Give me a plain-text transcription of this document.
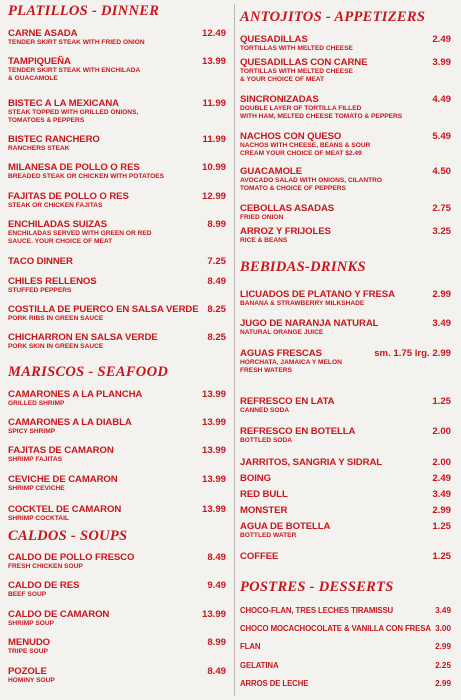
PLATILLOS - DINNER
CARNE ASADA	12.49
TENDER SKIRT STEAK WITH FRIED ONION
TAMPIQUEÑA	13.99
TENDER SKIRT STEAK WITH ENCHILADA
& GUACAMOLE
BISTEC A LA MEXICANA	11.99
STEAK TOPPED WITH GRILLED ONIONS,
TOMATOES & PEPPERS
BISTEC RANCHERO	11.99
RANCHERS STEAK
MILANESA DE POLLO O RES	10.99
BREADED STEAK OR CHICKEN WITH POTATOES
FAJITAS DE POLLO O RES	12.99
STEAK OR CHICKEN FAJITAS
ENCHILADAS SUIZAS	8.99
ENCHILADAS SERVED WITH GREEN OR RED
SAUCE. YOUR CHOICE OF MEAT
TACO DINNER	7.25
CHILES RELLENOS	8.49
STUFFED PEPPERS
COSTILLA DE PUERCO EN SALSA VERDE 8.25
PORK RIBS IN GREEN SAUCE
CHICHARRON EN SALSA VERDE	8.25
PORK SKIN IN GREEN SAUCE
MARISCOS - SEAFOOD
CAMARONES A LA PLANCHA	13.99
GRILLED SHRIMP
CAMARONES A LA DIABLA	13.99
SPICY SHRIMP
FAJITAS DE CAMARON	13.99
SHRIMP FAJITAS
CEVICHE DE CAMARON	13.99
SHRIMP CEVICHE
COCKTEL DE CAMARON	13.99
SHRIMP COCKTAIL
CALDOS - SOUPS
CALDO DE POLLO FRESCO	8.49
FRESH CHICKEN SOUP
CALDO DE RES	9.49
BEEF SOUP
CALDO DE CAMARON	13.99
SHRIMP SOUP
MENUDO	8.99
TRIPE SOUP
POZOLE	8.49
HOMINY SOUP
ANTOJITOS - APPETIZERS
QUESADILLAS	2.49
TORTILLAS WITH MELTED CHEESE
QUESADILLAS CON CARNE	3.99
TORTILLAS WITH MELTED CHEESE
& YOUR CHOICE OF MEAT
SINCRONIZADAS	4.49
DOUBLE LAYER OF TORTILLA FILLED
WITH HAM, MELTED CHEESE TOMATO & PEPPERS
NACHOS CON QUESO	5.49
NACHOS WITH CHEESE, BEANS & SOUR
CREAM YOUR CHOICE OF MEAT $2.49
GUACAMOLE	4.50
AVOCADO SALAD WITH ONIONS, CILANTRO
TOMATO & CHOICE OF PEPPERS
CEBOLLAS ASADAS	2.75
FRIED ONION
ARROZ Y FRIJOLES	3.25
RICE & BEANS
BEBIDAS-DRINKS
LICUADOS DE PLATANO Y FRESA	2.99
BANANA & STRAWBERRY MILKSHADE
JUGO DE NARANJA NATURAL	3.49
NATURAL ORANGE JUICE
AGUAS FRESCAS	sm. 1.75 lrg. 2.99
HORCHATA, JAMAICA Y MELON
FRESH WATERS
REFRESCO EN LATA	1.25
CANNED SODA
REFRESCO EN BOTELLA	2.00
BOTTLED SODA
JARRITOS, SANGRIA Y SIDRAL	2.00
BOING	2.49
RED BULL	3.49
MONSTER	2.99
AGUA DE BOTELLA	1.25
BOTTLED WATER
COFFEE	1.25
POSTRES - DESSERTS
CHOCO-FLAN, TRES LECHES TIRAMISSU	3.49
CHOCO MOCACHOCOLATE & VANILLA CON FRESA 3.00
FLAN	2.99
GELATINA	2.25
ARROS DE LECHE	2.99
